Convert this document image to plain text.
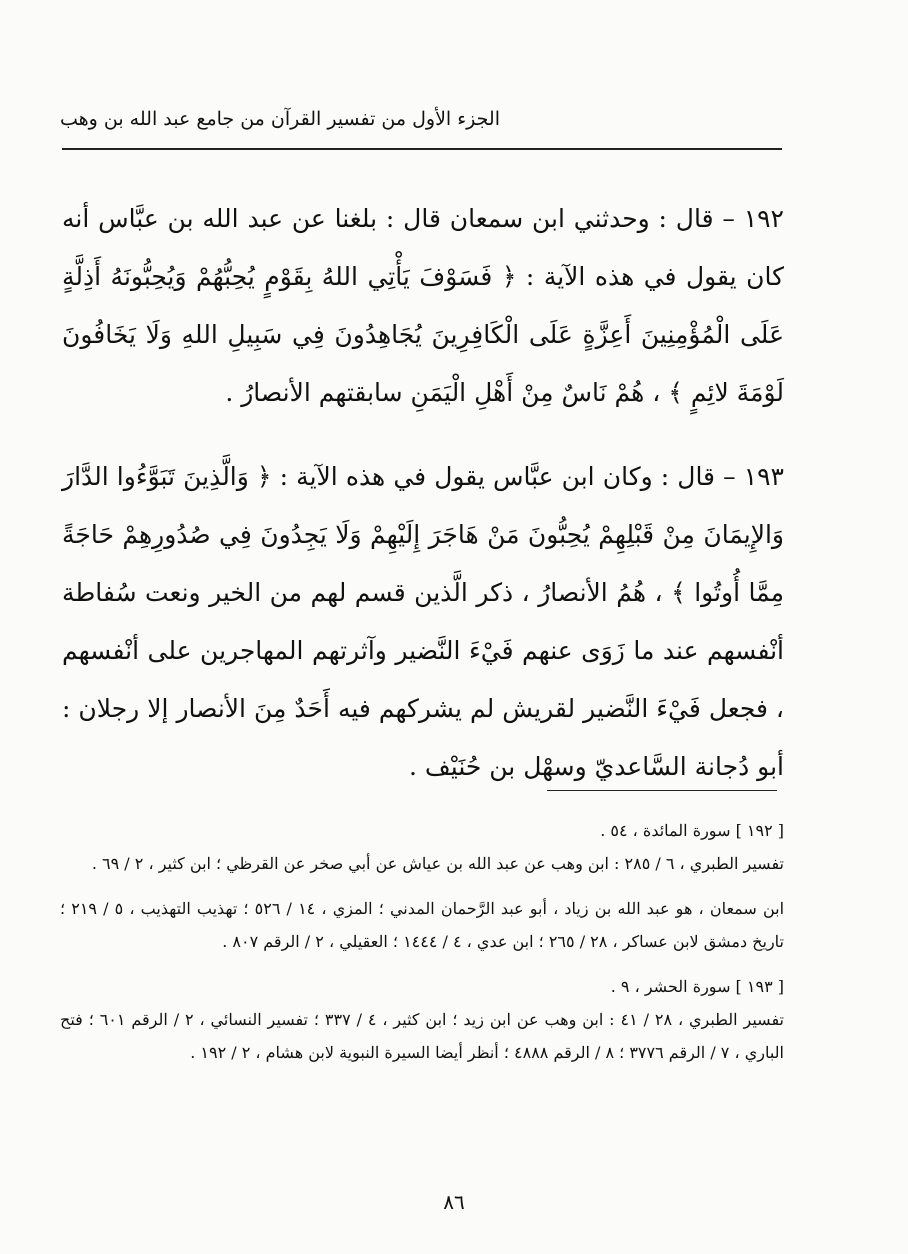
الجزء الأول من تفسير القرآن من جامع عبد الله بن وهب

١٩٢ – قال : وحدثني ابن سمعان قال : بلغنا عن عبد الله بن عبَّاس أنه كان يقول في هذه الآية : ﴿ فَسَوْفَ يَأْتِي اللهُ بِقَوْمٍ يُحِبُّهُمْ وَيُحِبُّونَهُ أَذِلَّةٍ عَلَى الْمُؤْمِنِينَ أَعِزَّةٍ عَلَى الْكَافِرِينَ يُجَاهِدُونَ فِي سَبِيلِ اللهِ وَلَا يَخَافُونَ لَوْمَةَ لائِمٍ ﴾ ، هُمْ نَاسٌ مِنْ أَهْلِ الْيَمَنِ سابقتهم الأنصارُ .

١٩٣ – قال : وكان ابن عبَّاس يقول في هذه الآية : ﴿ وَالَّذِينَ تَبَوَّءُوا الدَّارَ وَالإِيمَانَ مِنْ قَبْلِهِمْ يُحِبُّونَ مَنْ هَاجَرَ إِلَيْهِمْ وَلَا يَجِدُونَ فِي صُدُورِهِمْ حَاجَةً مِمَّا أُوتُوا ﴾ ، هُمُ الأنصارُ ، ذكر الَّذين قسم لهم من الخير ونعت سُفاطة أنْفسهم عند ما زَوَى عنهم فَيْءَ النَّضير وآثرتهم المهاجرين على أنْفسهم ، فجعل فَيْءَ النَّضير لقريش لم يشركهم فيه أَحَدٌ مِنَ الأنصار إلا رجلان : أبو دُجانة السَّاعديّ وسهْل بن حُنَيْف .

[ ١٩٢ ] سورة المائدة ، ٥٤ .

تفسير الطبري ، ٦ / ٢٨٥ : ابن وهب عن عبد الله بن عياش عن أبي صخر عن القرظي ؛ ابن كثير ، ٢ / ٦٩ .

ابن سمعان ، هو عبد الله بن زياد ، أبو عبد الرَّحمان المدني ؛ المزي ، ١٤ / ٥٢٦ ؛ تهذيب التهذيب ، ٥ / ٢١٩ ؛ تاريخ دمشق لابن عساكر ، ٢٨ / ٢٦٥ ؛ ابن عدي ، ٤ / ١٤٤٤ ؛ العقيلي ، ٢ / الرقم ٨٠٧ .

[ ١٩٣ ] سورة الحشر ، ٩ .

تفسير الطبري ، ٢٨ / ٤١ : ابن وهب عن ابن زيد ؛ ابن كثير ، ٤ / ٣٣٧ ؛ تفسير النسائي ، ٢ / الرقم ٦٠١ ؛ فتح الباري ، ٧ / الرقم ٣٧٧٦ ؛ ٨ / الرقم ٤٨٨٨ ؛ أنظر أيضا السيرة النبوية لابن هشام ، ٢ / ١٩٢ .

٨٦
